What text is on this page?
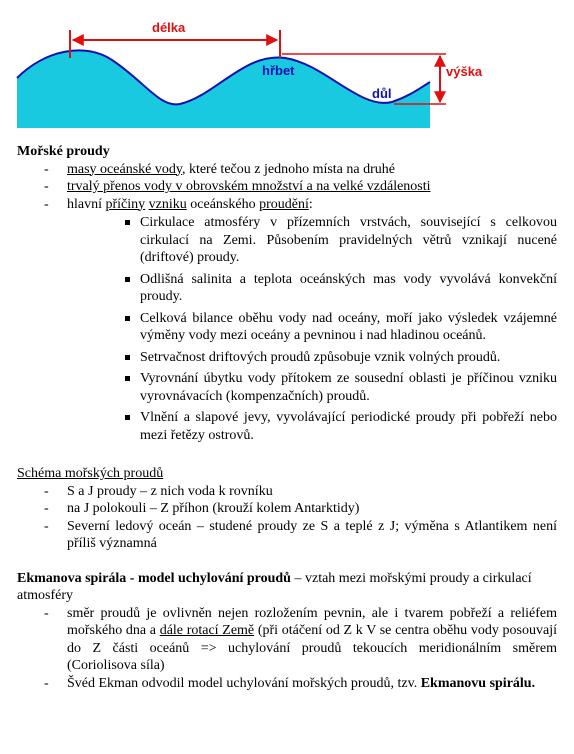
délka
hřbet
důl
výška

Mořské proudy

- masy oceánské vody, které tečou z jednoho místa na druhé
- trvalý přenos vody v obrovském množství a na velké vzdálenosti
- hlavní příčiny vzniku oceánského proudění:
Cirkulace atmosféry v přízemních vrstvách, související s celkovou cirkulací na Zemi. Působením pravidelných větrů vznikají nucené (driftové) proudy.
Odlišná salinita a teplota oceánských mas vody vyvolává konvekční proudy.
Celková bilance oběhu vody nad oceány, moří jako výsledek vzájemné výměny vody mezi oceány a pevninou i nad hladinou oceánů.
Setrvačnost driftových proudů způsobuje vznik volných proudů.
Vyrovnání úbytku vody přítokem ze sousední oblasti je příčinou vzniku vyrovnávacích (kompenzačních) proudů.
Vlnění a slapové jevy, vyvolávající periodické proudy při pobřeží nebo mezi řetězy ostrovů.

Schéma mořských proudů

- S a J proudy – z nich voda k rovníku
- na J polokouli – Z příhon (krouží kolem Antarktidy)
- Severní ledový oceán – studené proudy ze S a teplé z J; výměna s Atlantikem není příliš významná

Ekmanova spirála - model uchylování proudů – vztah mezi mořskými proudy a cirkulací atmosféry

- směr proudů je ovlivněn nejen rozložením pevnin, ale i tvarem pobřeží a reliéfem mořského dna a dále rotací Země (při otáčení od Z k V se centra oběhu vody posouvají do Z části oceánů => uchylování proudů tekoucích meridionálním směrem (Coriolisova síla)
- Švéd Ekman odvodil model uchylování mořských proudů, tzv. Ekmanovu spirálu.
